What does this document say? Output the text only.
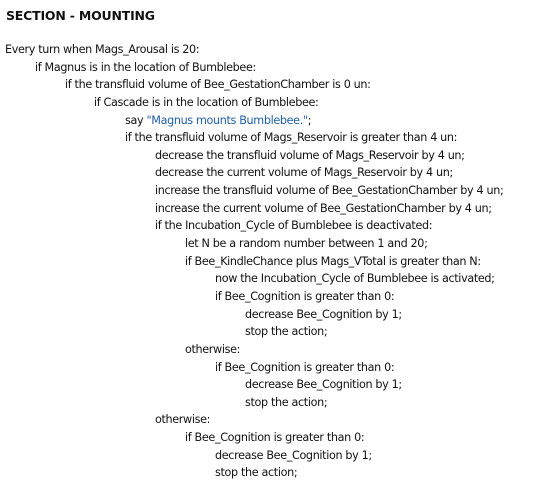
SECTION - MOUNTING
Every turn when Mags_Arousal is 20:
if Magnus is in the location of Bumblebee:
if the transfluid volume of Bee_GestationChamber is 0 un:
if Cascade is in the location of Bumblebee:
say "Magnus mounts Bumblebee.";
if the transfluid volume of Mags_Reservoir is greater than 4 un:
decrease the transfluid volume of Mags_Reservoir by 4 un;
decrease the current volume of Mags_Reservoir by 4 un;
increase the transfluid volume of Bee_GestationChamber by 4 un;
increase the current volume of Bee_GestationChamber by 4 un;
if the Incubation_Cycle of Bumblebee is deactivated:
let N be a random number between 1 and 20;
if Bee_KindleChance plus Mags_VTotal is greater than N:
now the Incubation_Cycle of Bumblebee is activated;
if Bee_Cognition is greater than 0:
decrease Bee_Cognition by 1;
stop the action;
otherwise:
if Bee_Cognition is greater than 0:
decrease Bee_Cognition by 1;
stop the action;
otherwise:
if Bee_Cognition is greater than 0:
decrease Bee_Cognition by 1;
stop the action;
